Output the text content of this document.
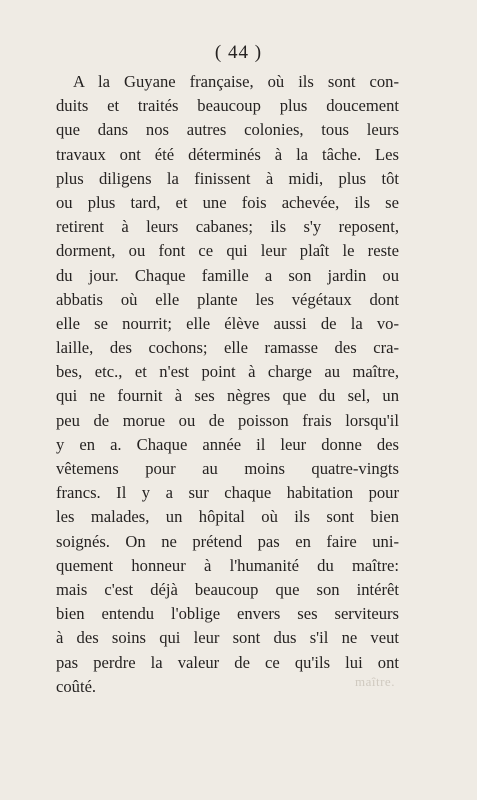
( 44 )
A la Guyane française, où ils sont con-
duits et traités beaucoup plus doucement
que dans nos autres colonies, tous leurs
travaux ont été déterminés à la tâche. Les
plus diligens la finissent à midi, plus tôt
ou plus tard, et une fois achevée, ils se
retirent à leurs cabanes; ils s'y reposent,
dorment, ou font ce qui leur plaît le reste
du jour. Chaque famille a son jardin ou
abbatis où elle plante les végétaux dont
elle se nourrit; elle élève aussi de la vo-
laille, des cochons; elle ramasse des cra-
bes, etc., et n'est point à charge au maître,
qui ne fournit à ses nègres que du sel, un
peu de morue ou de poisson frais lorsqu'il
y en a. Chaque année il leur donne des
vêtemens pour au moins quatre-vingts
francs. Il y a sur chaque habitation pour
les malades, un hôpital où ils sont bien
soignés. On ne prétend pas en faire uni-
quement honneur à l'humanité du maître:
mais c'est déjà beaucoup que son intérêt
bien entendu l'oblige envers ses serviteurs
à des soins qui leur sont dus s'il ne veut
pas perdre la valeur de ce qu'ils lui ont
coûté.	maître.
